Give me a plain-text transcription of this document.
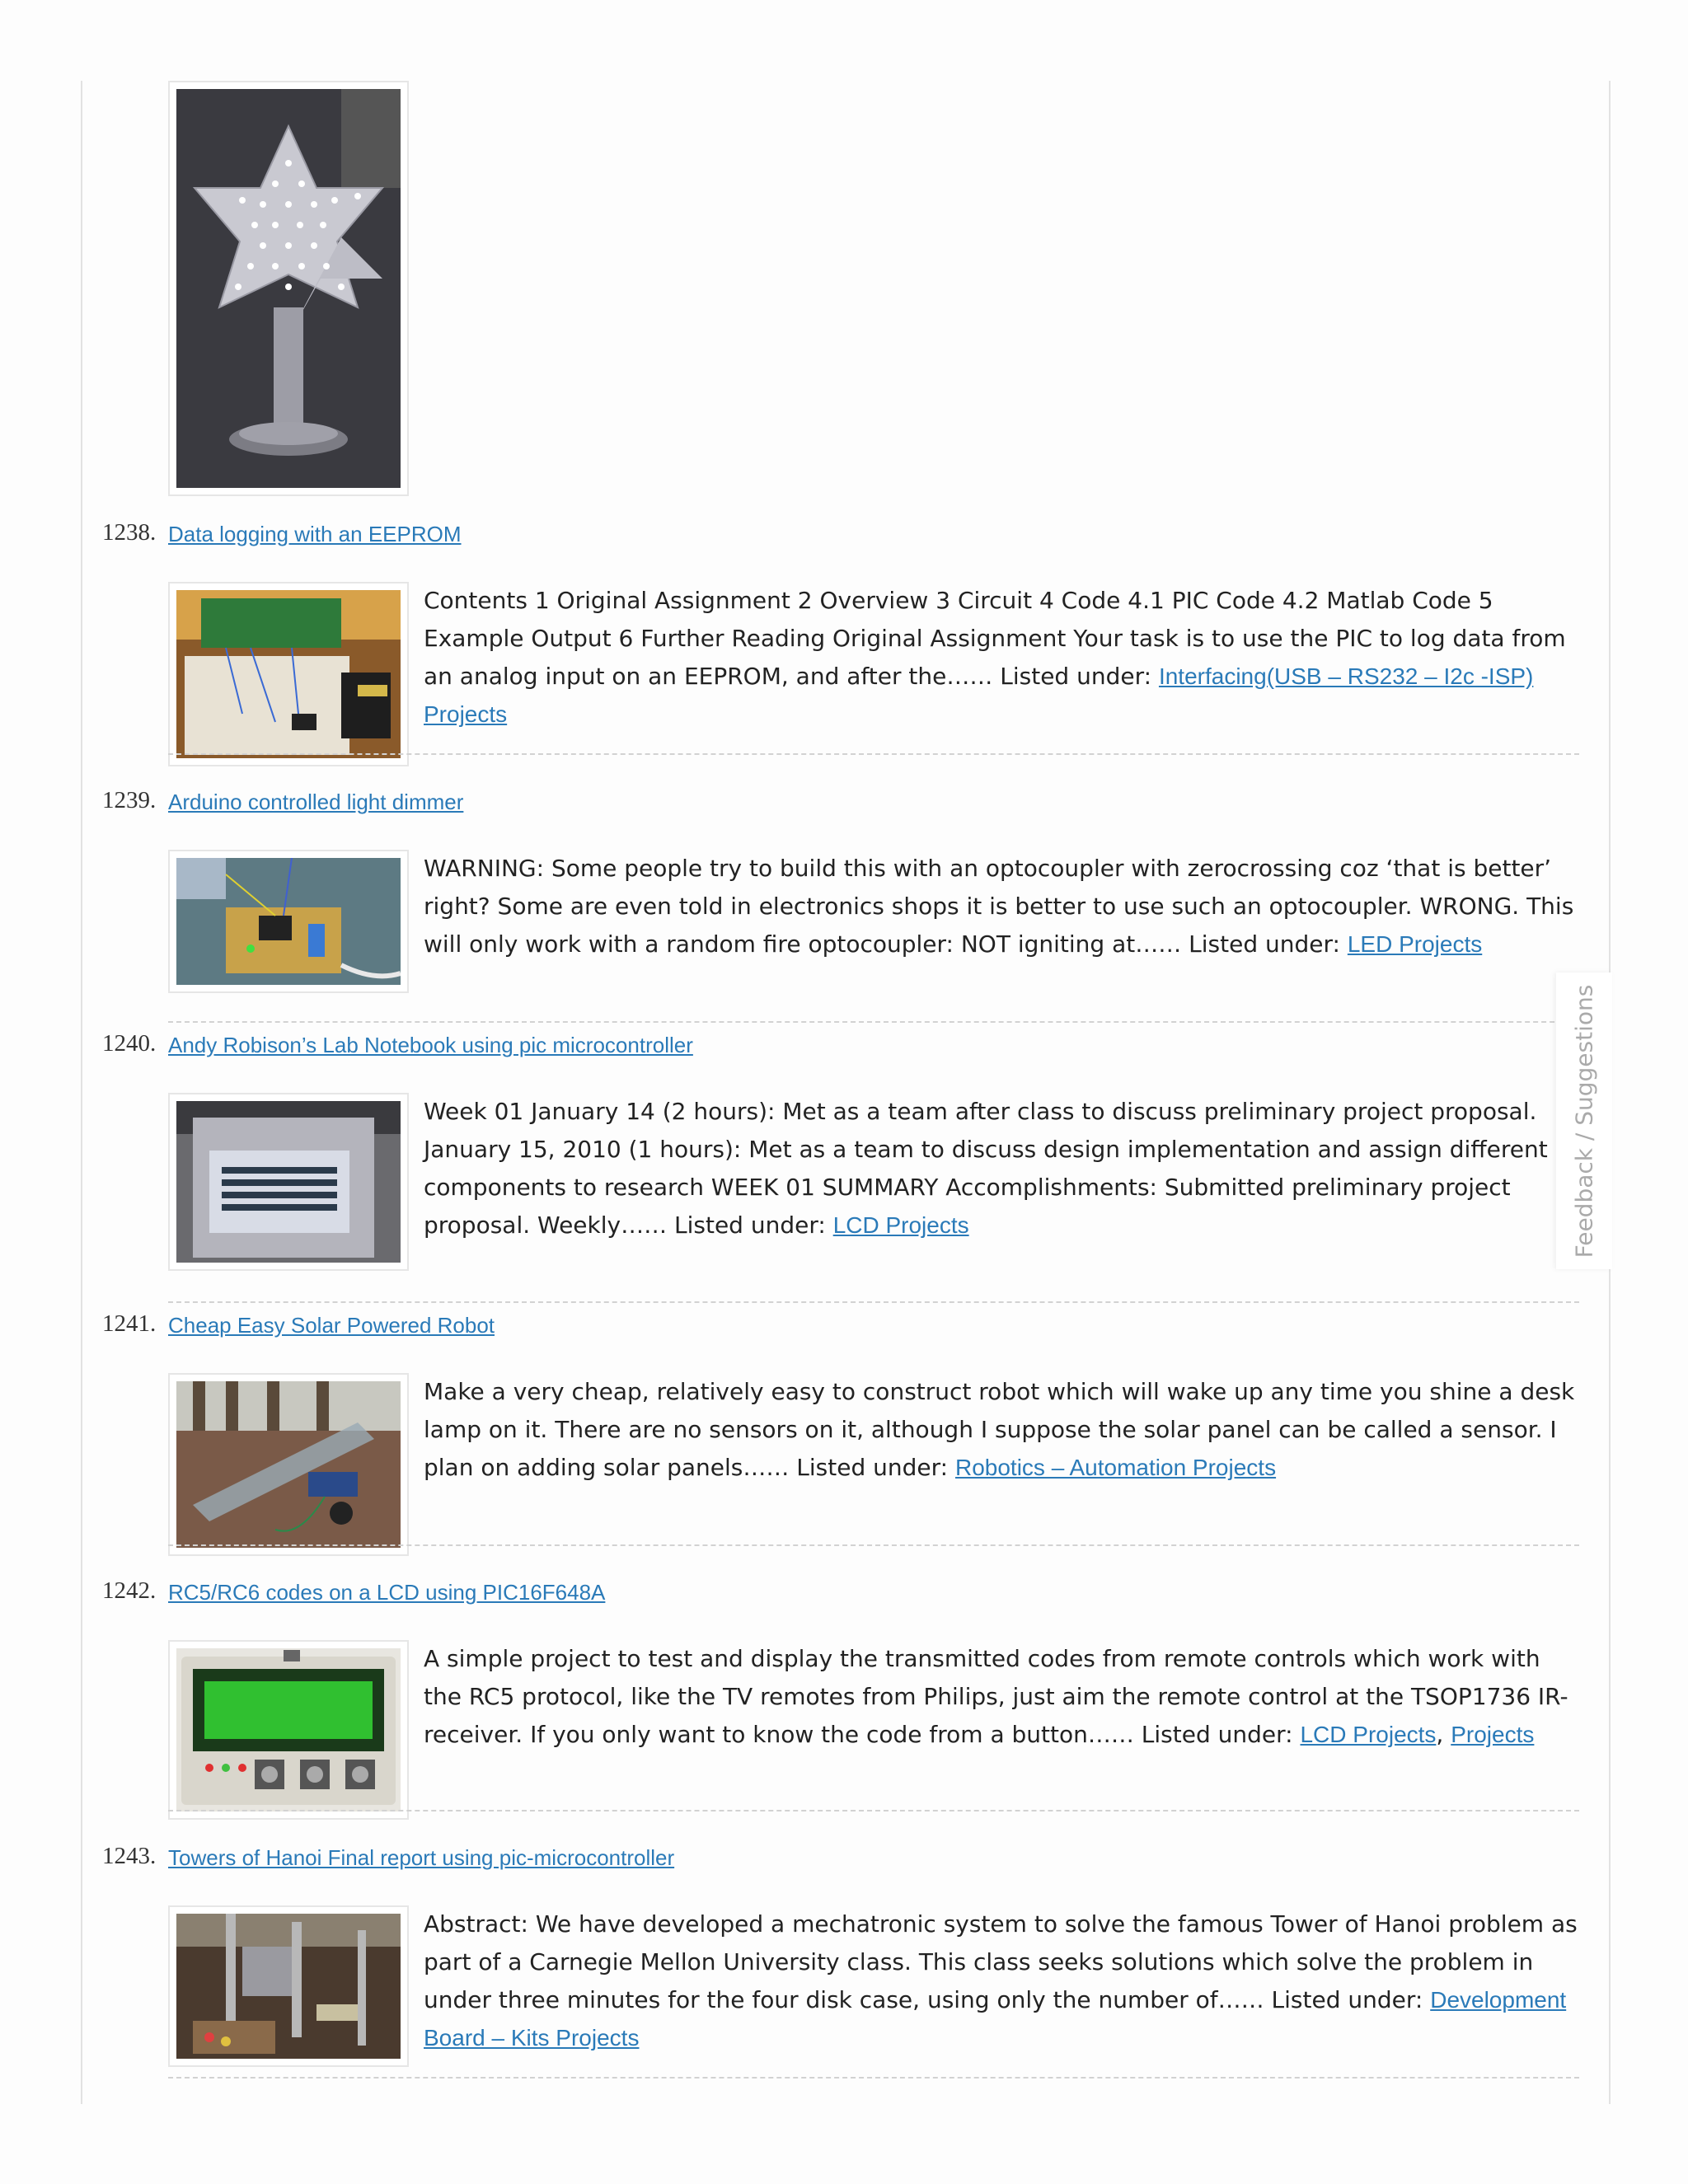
1238. Data logging with an EEPROM
Contents 1 Original Assignment 2 Overview 3 Circuit 4 Code 4.1 PIC Code 4.2 Matlab Code 5 Example Output 6 Further Reading Original Assignment Your task is to use the PIC to log data from an analog input on an EEPROM, and after the…… Listed under: Interfacing(USB – RS232 – I2c -ISP) Projects
1239. Arduino controlled light dimmer
WARNING: Some people try to build this with an optocoupler with zerocrossing coz ‘that is better’ right? Some are even told in electronics shops it is better to use such an optocoupler. WRONG. This will only work with a random fire optocoupler: NOT igniting at…… Listed under: LED Projects
1240. Andy Robison’s Lab Notebook using pic microcontroller
Week 01 January 14 (2 hours): Met as a team after class to discuss preliminary project proposal. January 15, 2010 (1 hours): Met as a team to discuss design implementation and assign different components to research WEEK 01 SUMMARY Accomplishments: Submitted preliminary project proposal. Weekly…… Listed under: LCD Projects
1241. Cheap Easy Solar Powered Robot
Make a very cheap, relatively easy to construct robot which will wake up any time you shine a desk lamp on it. There are no sensors on it, although I suppose the solar panel can be called a sensor. I plan on adding solar panels…… Listed under: Robotics – Automation Projects
1242. RC5/RC6 codes on a LCD using PIC16F648A
A simple project to test and display the transmitted codes from remote controls which work with the RC5 protocol, like the TV remotes from Philips, just aim the remote control at the TSOP1736 IR-receiver. If you only want to know the code from a button…… Listed under: LCD Projects, Projects
1243. Towers of Hanoi Final report using pic-microcontroller
Abstract: We have developed a mechatronic system to solve the famous Tower of Hanoi problem as part of a Carnegie Mellon University class. This class seeks solutions which solve the problem in under three minutes for the four disk case, using only the number of…… Listed under: Development Board – Kits Projects
Feedback / Suggestions
